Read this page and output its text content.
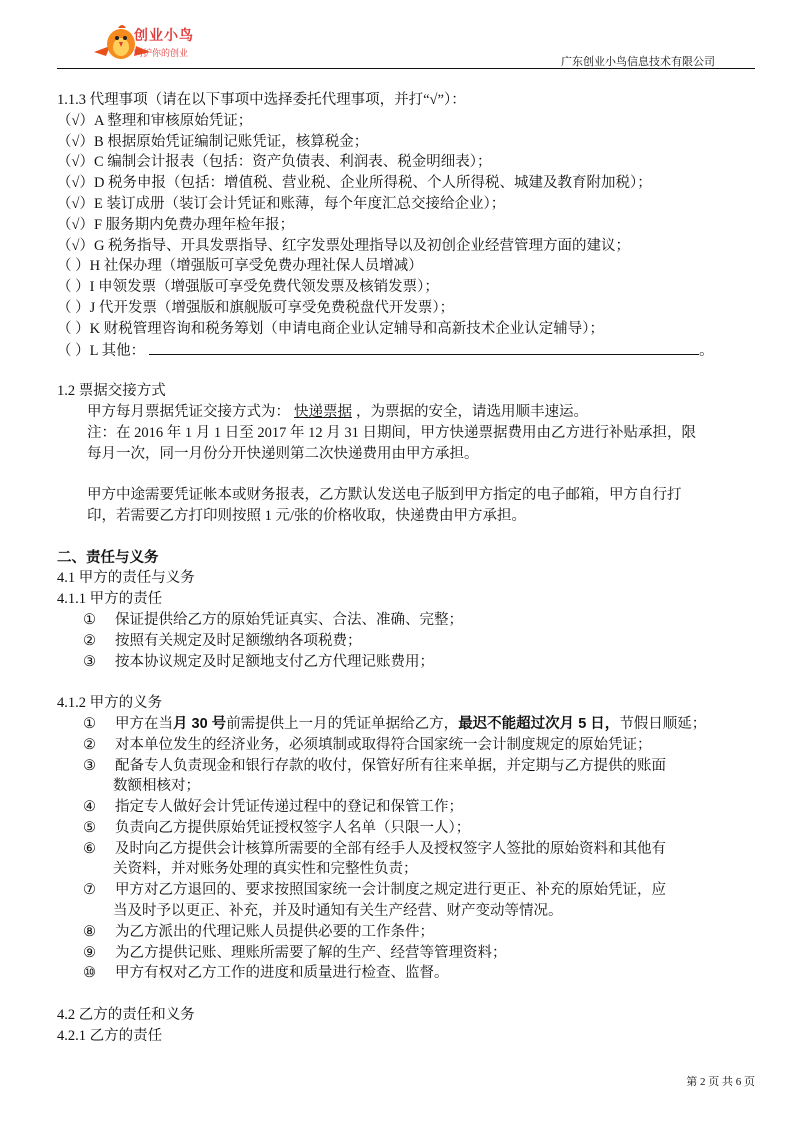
创业小鸟
呵护你的创业
广东创业小鸟信息技术有限公司
1.1.3 代理事项（请在以下事项中选择委托代理事项，并打“√”）：
（√）A 整理和审核原始凭证；
（√）B 根据原始凭证编制记账凭证，核算税金；
（√）C 编制会计报表（包括：资产负债表、利润表、税金明细表）；
（√）D 税务申报（包括：增值税、营业税、企业所得税、个人所得税、城建及教育附加税）；
（√）E 装订成册（装订会计凭证和账薄，每个年度汇总交接给企业）；
（√）F 服务期内免费办理年检年报；
（√）G 税务指导、开具发票指导、红字发票处理指导以及初创企业经营管理方面的建议；
（ ）H 社保办理（增强版可享受免费办理社保人员增减）
（ ）I 申领发票（增强版可享受免费代领发票及核销发票）；
（ ）J 代开发票（增强版和旗舰版可享受免费税盘代开发票）；
（ ）K 财税管理咨询和税务筹划（申请电商企业认定辅导和高新技术企业认定辅导）；
（ ）L 其他：	。
1.2 票据交接方式
甲方每月票据凭证交接方式为： 快递票据 ，为票据的安全，请选用顺丰速运。
注：在 2016 年 1 月 1 日至 2017 年 12 月 31 日期间，甲方快递票据费用由乙方进行补贴承担，限
每月一次，同一月份分开快递则第二次快递费用由甲方承担。
甲方中途需要凭证帐本或财务报表，乙方默认发送电子版到甲方指定的电子邮箱，甲方自行打
印，若需要乙方打印则按照 1 元/张的价格收取，快递费由甲方承担。
二、责任与义务
4.1 甲方的责任与义务
4.1.1 甲方的责任
① 保证提供给乙方的原始凭证真实、合法、准确、完整；
② 按照有关规定及时足额缴纳各项税费；
③ 按本协议规定及时足额地支付乙方代理记账费用；
4.1.2 甲方的义务
① 甲方在当月 30 号前需提供上一月的凭证单据给乙方，最迟不能超过次月 5 日，节假日顺延；
② 对本单位发生的经济业务，必须填制或取得符合国家统一会计制度规定的原始凭证；
③ 配备专人负责现金和银行存款的收付，保管好所有往来单据，并定期与乙方提供的账面
数额相核对；
④ 指定专人做好会计凭证传递过程中的登记和保管工作；
⑤ 负责向乙方提供原始凭证授权签字人名单（只限一人）；
⑥ 及时向乙方提供会计核算所需要的全部有经手人及授权签字人签批的原始资料和其他有
关资料，并对账务处理的真实性和完整性负责；
⑦ 甲方对乙方退回的、要求按照国家统一会计制度之规定进行更正、补充的原始凭证，应
当及时予以更正、补充，并及时通知有关生产经营、财产变动等情况。
⑧ 为乙方派出的代理记账人员提供必要的工作条件；
⑨ 为乙方提供记账、理账所需要了解的生产、经营等管理资料；
⑩ 甲方有权对乙方工作的进度和质量进行检查、监督。
4.2 乙方的责任和义务
4.2.1 乙方的责任
第 2 页 共 6 页
